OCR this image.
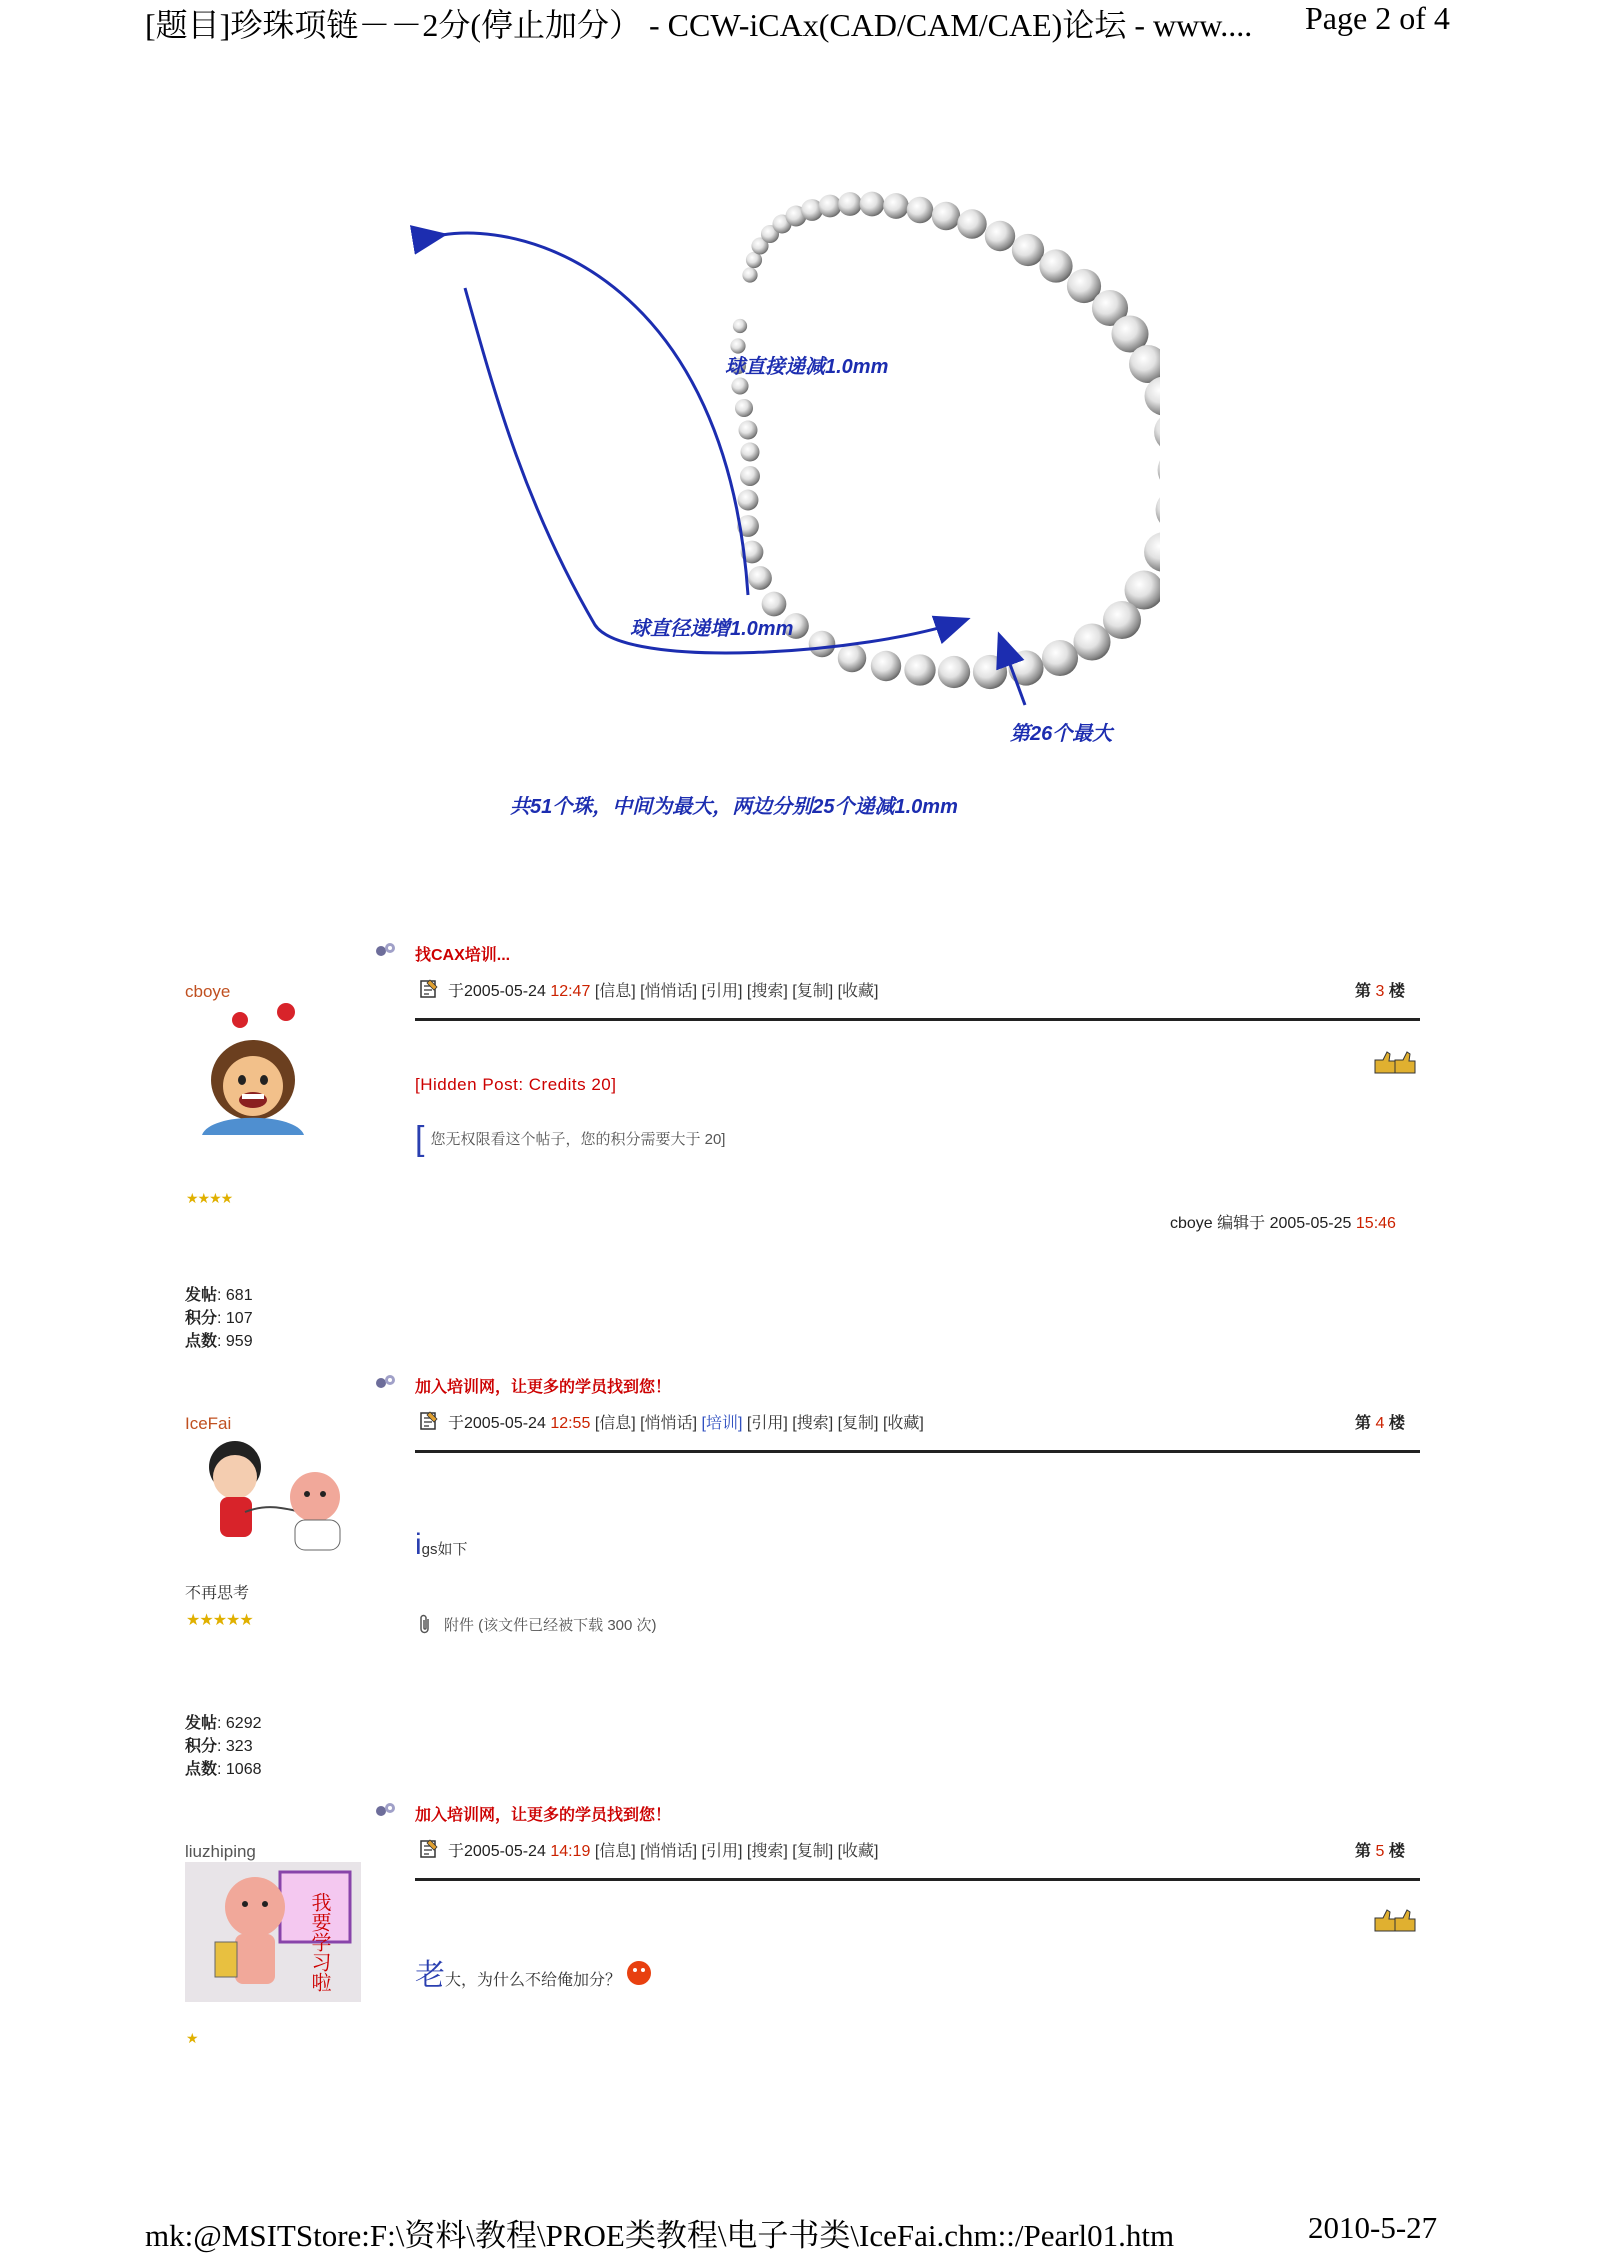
[题目]珍珠项链－－2分(停止加分） - CCW-iCAx(CAD/CAM/CAE)论坛 - www.... Page 2 of 4
球直接递减1.0mm
球直径递增1.0mm
第26个最大
共51个珠，中间为最大，两边分别25个递减1.0mm
找CAX培训...
cboye
★★★★
于2005-05-24 12:47 [信息] [悄悄话] [引用] [搜索] [复制] [收藏]	第 3 楼
[Hidden Post: Credits 20]
[ 您无权限看这个帖子，您的积分需要大于 20]
cboye 编辑于 2005-05-25 15:46
发帖: 681
积分: 107
点数: 959
加入培训网，让更多的学员找到您！
IceFai
不再思考
★★★★★
于2005-05-24 12:55 [信息] [悄悄话] [培训] [引用] [搜索] [复制] [收藏]	第 4 楼
igs如下
附件 (该文件已经被下载 300 次)
发帖: 6292
积分: 323
点数: 1068
加入培训网，让更多的学员找到您！
liuzhiping
我要学习啦
★
于2005-05-24 14:19 [信息] [悄悄话] [引用] [搜索] [复制] [收藏]	第 5 楼
老大，为什么不给俺加分？
mk:@MSITStore:F:\资料\教程\PROE类教程\电子书类\IceFai.chm::/Pearl01.htm	2010-5-27
